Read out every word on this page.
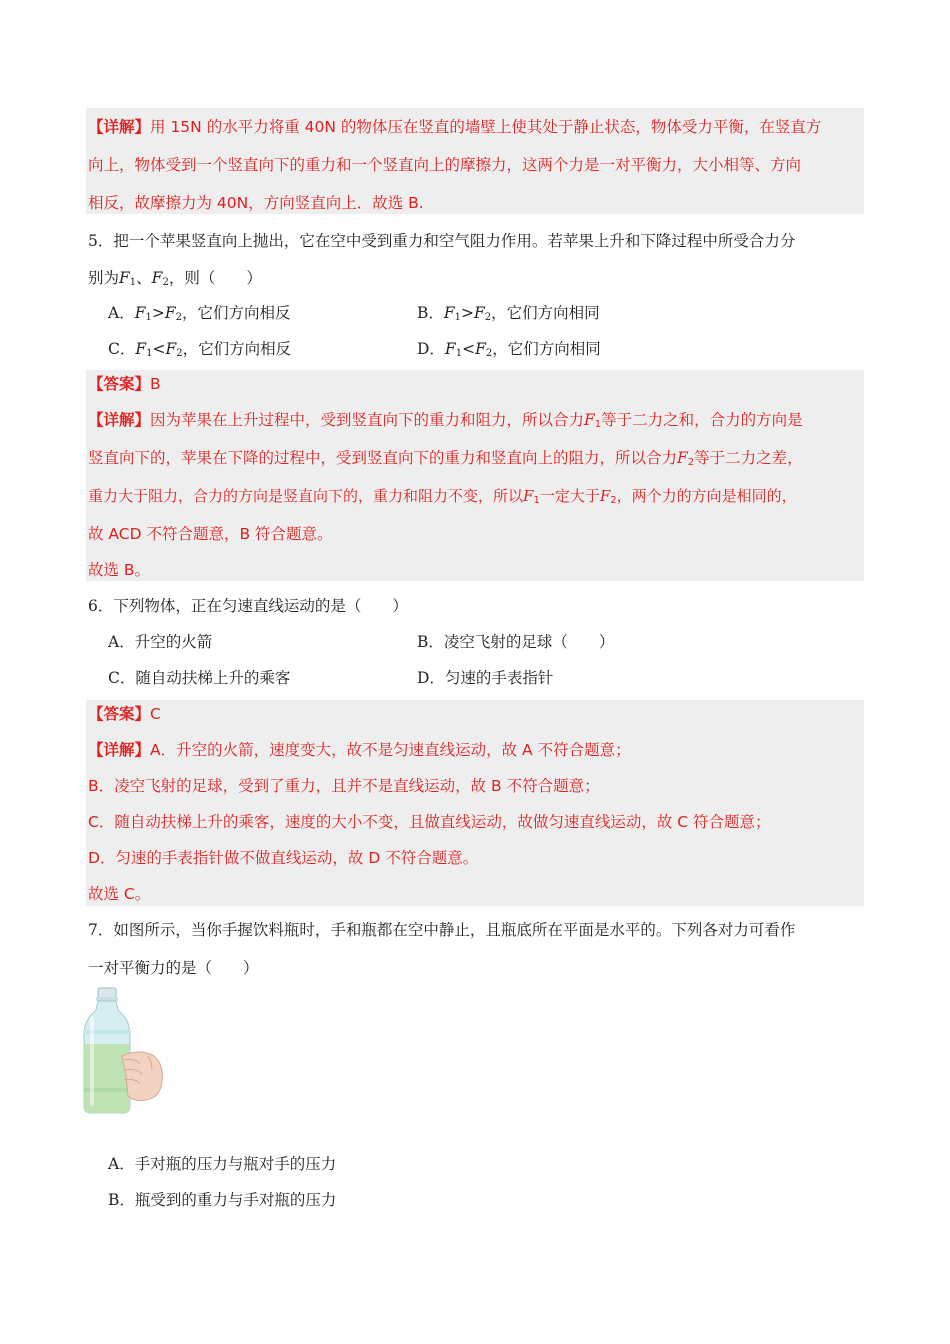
【详解】用 15N 的水平力将重 40N 的物体压在竖直的墙壁上使其处于静止状态，物体受力平衡，在竖直方
向上，物体受到一个竖直向下的重力和一个竖直向上的摩擦力，这两个力是一对平衡力，大小相等、方向
相反，故摩擦力为 40N，方向竖直向上．故选 B.
5．把一个苹果竖直向上抛出，它在空中受到重力和空气阻力作用。若苹果上升和下降过程中所受合力分
别为$F_1$、$F_2$，则（　　）
A．$F_1>F_2$，它们方向相反	B．$F_1>F_2$，它们方向相同
C．$F_1<F_2$，它们方向相反	D．$F_1<F_2$，它们方向相同
【答案】B
【详解】因为苹果在上升过程中，受到竖直向下的重力和阻力，所以合力$F_1$等于二力之和，合力的方向是
竖直向下的，苹果在下降的过程中，受到竖直向下的重力和竖直向上的阻力，所以合力$F_2$等于二力之差，
重力大于阻力，合力的方向是竖直向下的，重力和阻力不变，所以$F_1$一定大于$F_2$，两个力的方向是相同的，
故 ACD 不符合题意，B 符合题意。
故选 B。
6．下列物体，正在匀速直线运动的是（　　）
A．升空的火箭	B．凌空飞射的足球（　　）
C．随自动扶梯上升的乘客	D．匀速的手表指针
【答案】C
【详解】A．升空的火箭，速度变大，故不是匀速直线运动，故 A 不符合题意；
B．凌空飞射的足球，受到了重力，且并不是直线运动，故 B 不符合题意；
C．随自动扶梯上升的乘客，速度的大小不变，且做直线运动，故做匀速直线运动，故 C 符合题意；
D．匀速的手表指针做不做直线运动，故 D 不符合题意。
故选 C。
7．如图所示，当你手握饮料瓶时，手和瓶都在空中静止，且瓶底所在平面是水平的。下列各对力可看作
一对平衡力的是（　　）
A．手对瓶的压力与瓶对手的压力
B．瓶受到的重力与手对瓶的压力
